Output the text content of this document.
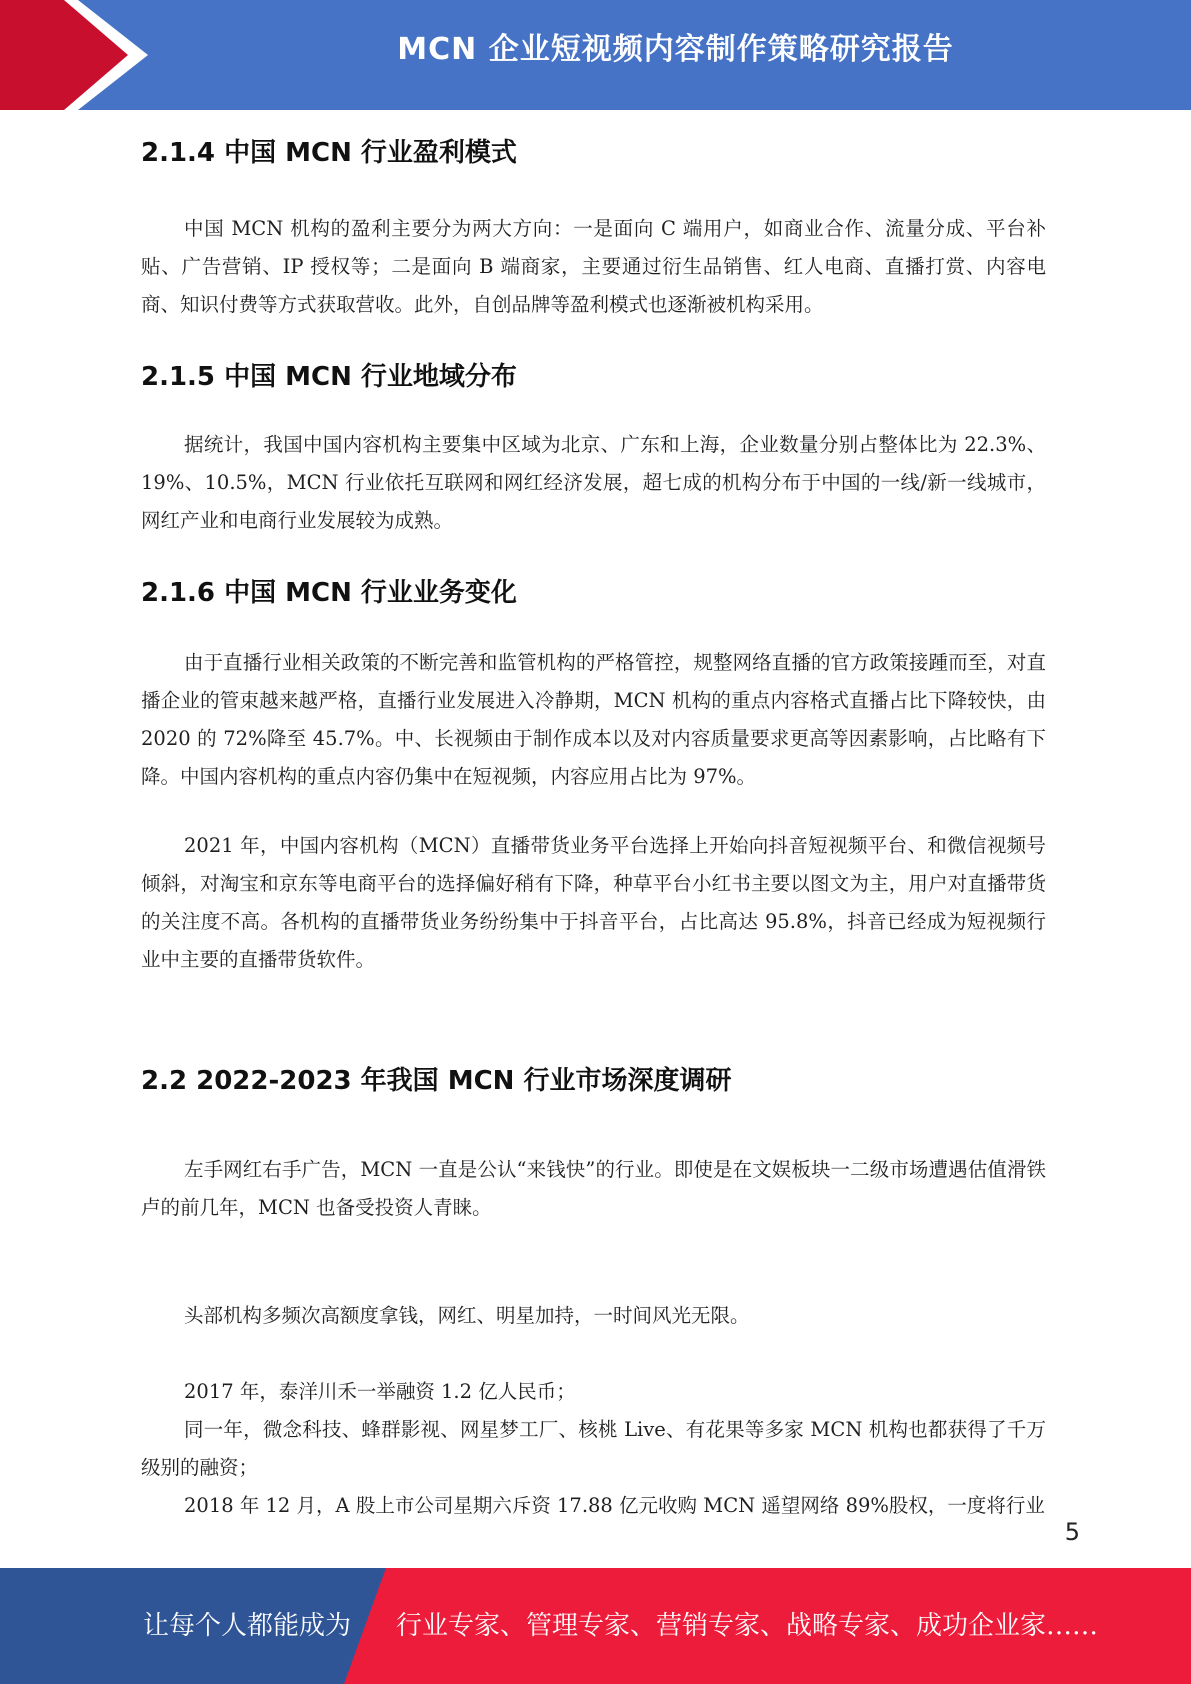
MCN 企业短视频内容制作策略研究报告
2.1.4 中国 MCN 行业盈利模式

中国 MCN 机构的盈利主要分为两大方向：一是面向 C 端用户，如商业合作、流量分成、平台补贴、广告营销、IP 授权等；二是面向 B 端商家，主要通过衍生品销售、红人电商、直播打赏、内容电商、知识付费等方式获取营收。此外，自创品牌等盈利模式也逐渐被机构采用。

2.1.5 中国 MCN 行业地域分布

据统计，我国中国内容机构主要集中区域为北京、广东和上海，企业数量分别占整体比为 22.3%、19%、10.5%，MCN 行业依托互联网和网红经济发展，超七成的机构分布于中国的一线/新一线城市，网红产业和电商行业发展较为成熟。

2.1.6 中国 MCN 行业业务变化

由于直播行业相关政策的不断完善和监管机构的严格管控，规整网络直播的官方政策接踵而至，对直播企业的管束越来越严格，直播行业发展进入冷静期，MCN 机构的重点内容格式直播占比下降较快，由 2020 的 72%降至 45.7%。中、长视频由于制作成本以及对内容质量要求更高等因素影响，占比略有下降。中国内容机构的重点内容仍集中在短视频，内容应用占比为 97%。

2021 年，中国内容机构（MCN）直播带货业务平台选择上开始向抖音短视频平台、和微信视频号倾斜，对淘宝和京东等电商平台的选择偏好稍有下降，种草平台小红书主要以图文为主，用户对直播带货的关注度不高。各机构的直播带货业务纷纷集中于抖音平台，占比高达 95.8%，抖音已经成为短视频行业中主要的直播带货软件。

2.2 2022-2023 年我国 MCN 行业市场深度调研

左手网红右手广告，MCN 一直是公认“来钱快”的行业。即使是在文娱板块一二级市场遭遇估值滑铁卢的前几年，MCN 也备受投资人青睐。

头部机构多频次高额度拿钱，网红、明星加持，一时间风光无限。

2017 年，泰洋川禾一举融资 1.2 亿人民币；

同一年，微念科技、蜂群影视、网星梦工厂、核桃 Live、有花果等多家 MCN 机构也都获得了千万级别的融资；

2018 年 12 月，A 股上市公司星期六斥资 17.88 亿元收购 MCN 遥望网络 89%股权，一度将行业

5
让每个人都能成为 行业专家、管理专家、营销专家、战略专家、成功企业家……
